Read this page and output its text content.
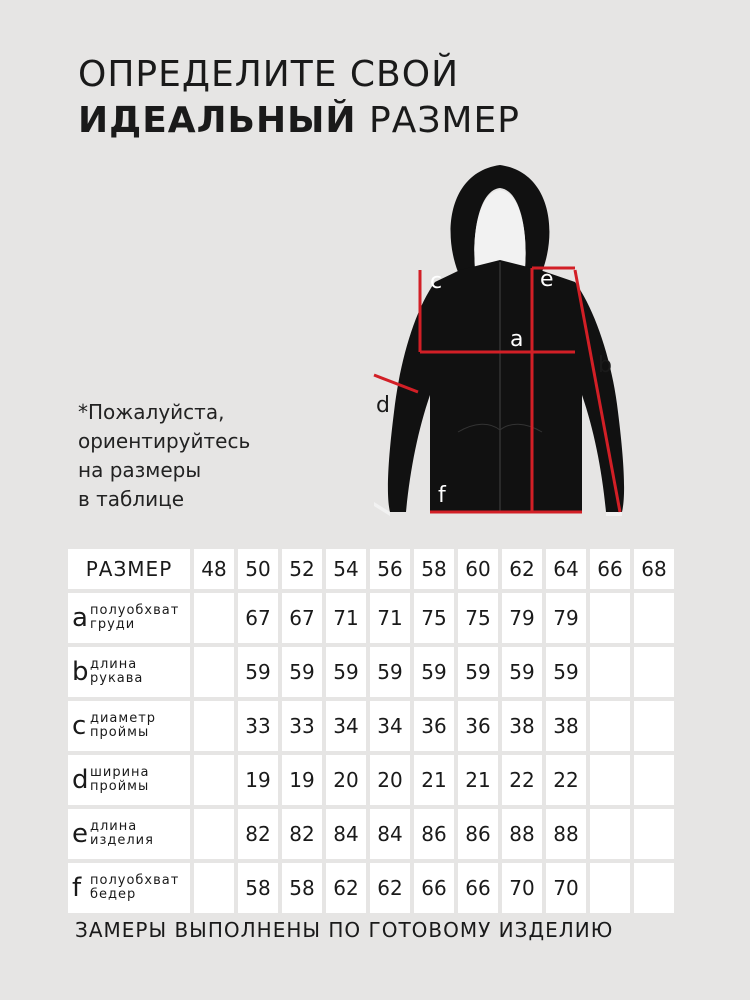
ОПРЕДЕЛИТЕ СВОЙ
ИДЕАЛЬНЫЙ РАЗМЕР
*Пожалуйста,
ориентируйтесь
на размеры
в таблице
c	e
a
f
b
d
РАЗМЕР	48	50	52	54	56	58	60	62	64	66	68
aполуобхват
груди		67	67	71	71	75	75	79	79		
bдлина
рукава		59	59	59	59	59	59	59	59		
c диаметр
проймы		33	33	34	34	36	36	38	38		
dширина
проймы		19	19	20	20	21	21	22	22		
eдлина
изделия		82	82	84	84	86	86	88	88		
f полуобхват
бедер		58	58	62	62	66	66	70	70		
ЗАМЕРЫ ВЫПОЛНЕНЫ ПО ГОТОВОМУ ИЗДЕЛИЮ
